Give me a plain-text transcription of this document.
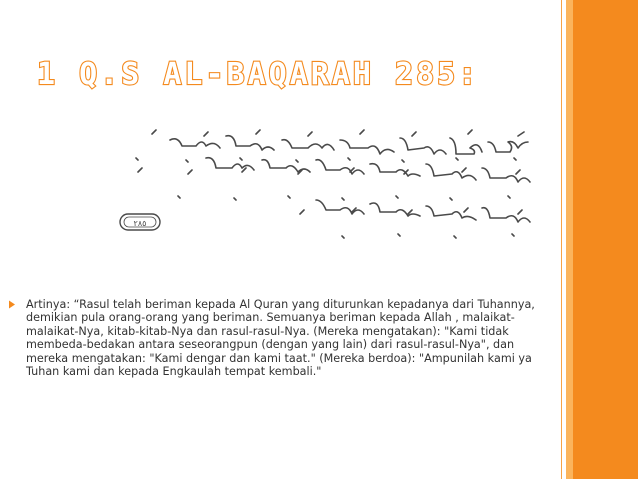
1 Q.S AL-BAQARAH 285:
٢٨٥

Artinya: “Rasul telah beriman kepada Al Quran yang diturunkan kepadanya dari Tuhannya, demikian pula orang-orang yang beriman. Semuanya beriman kepada Allah , malaikat-malaikat-Nya, kitab-kitab-Nya dan rasul-rasul-Nya. (Mereka mengatakan): "Kami tidak membeda-bedakan antara seseorangpun (dengan yang lain) dari rasul-rasul-Nya", dan mereka mengatakan: "Kami dengar dan kami taat." (Mereka berdoa): "Ampunilah kami ya Tuhan kami dan kepada Engkaulah tempat kembali."
